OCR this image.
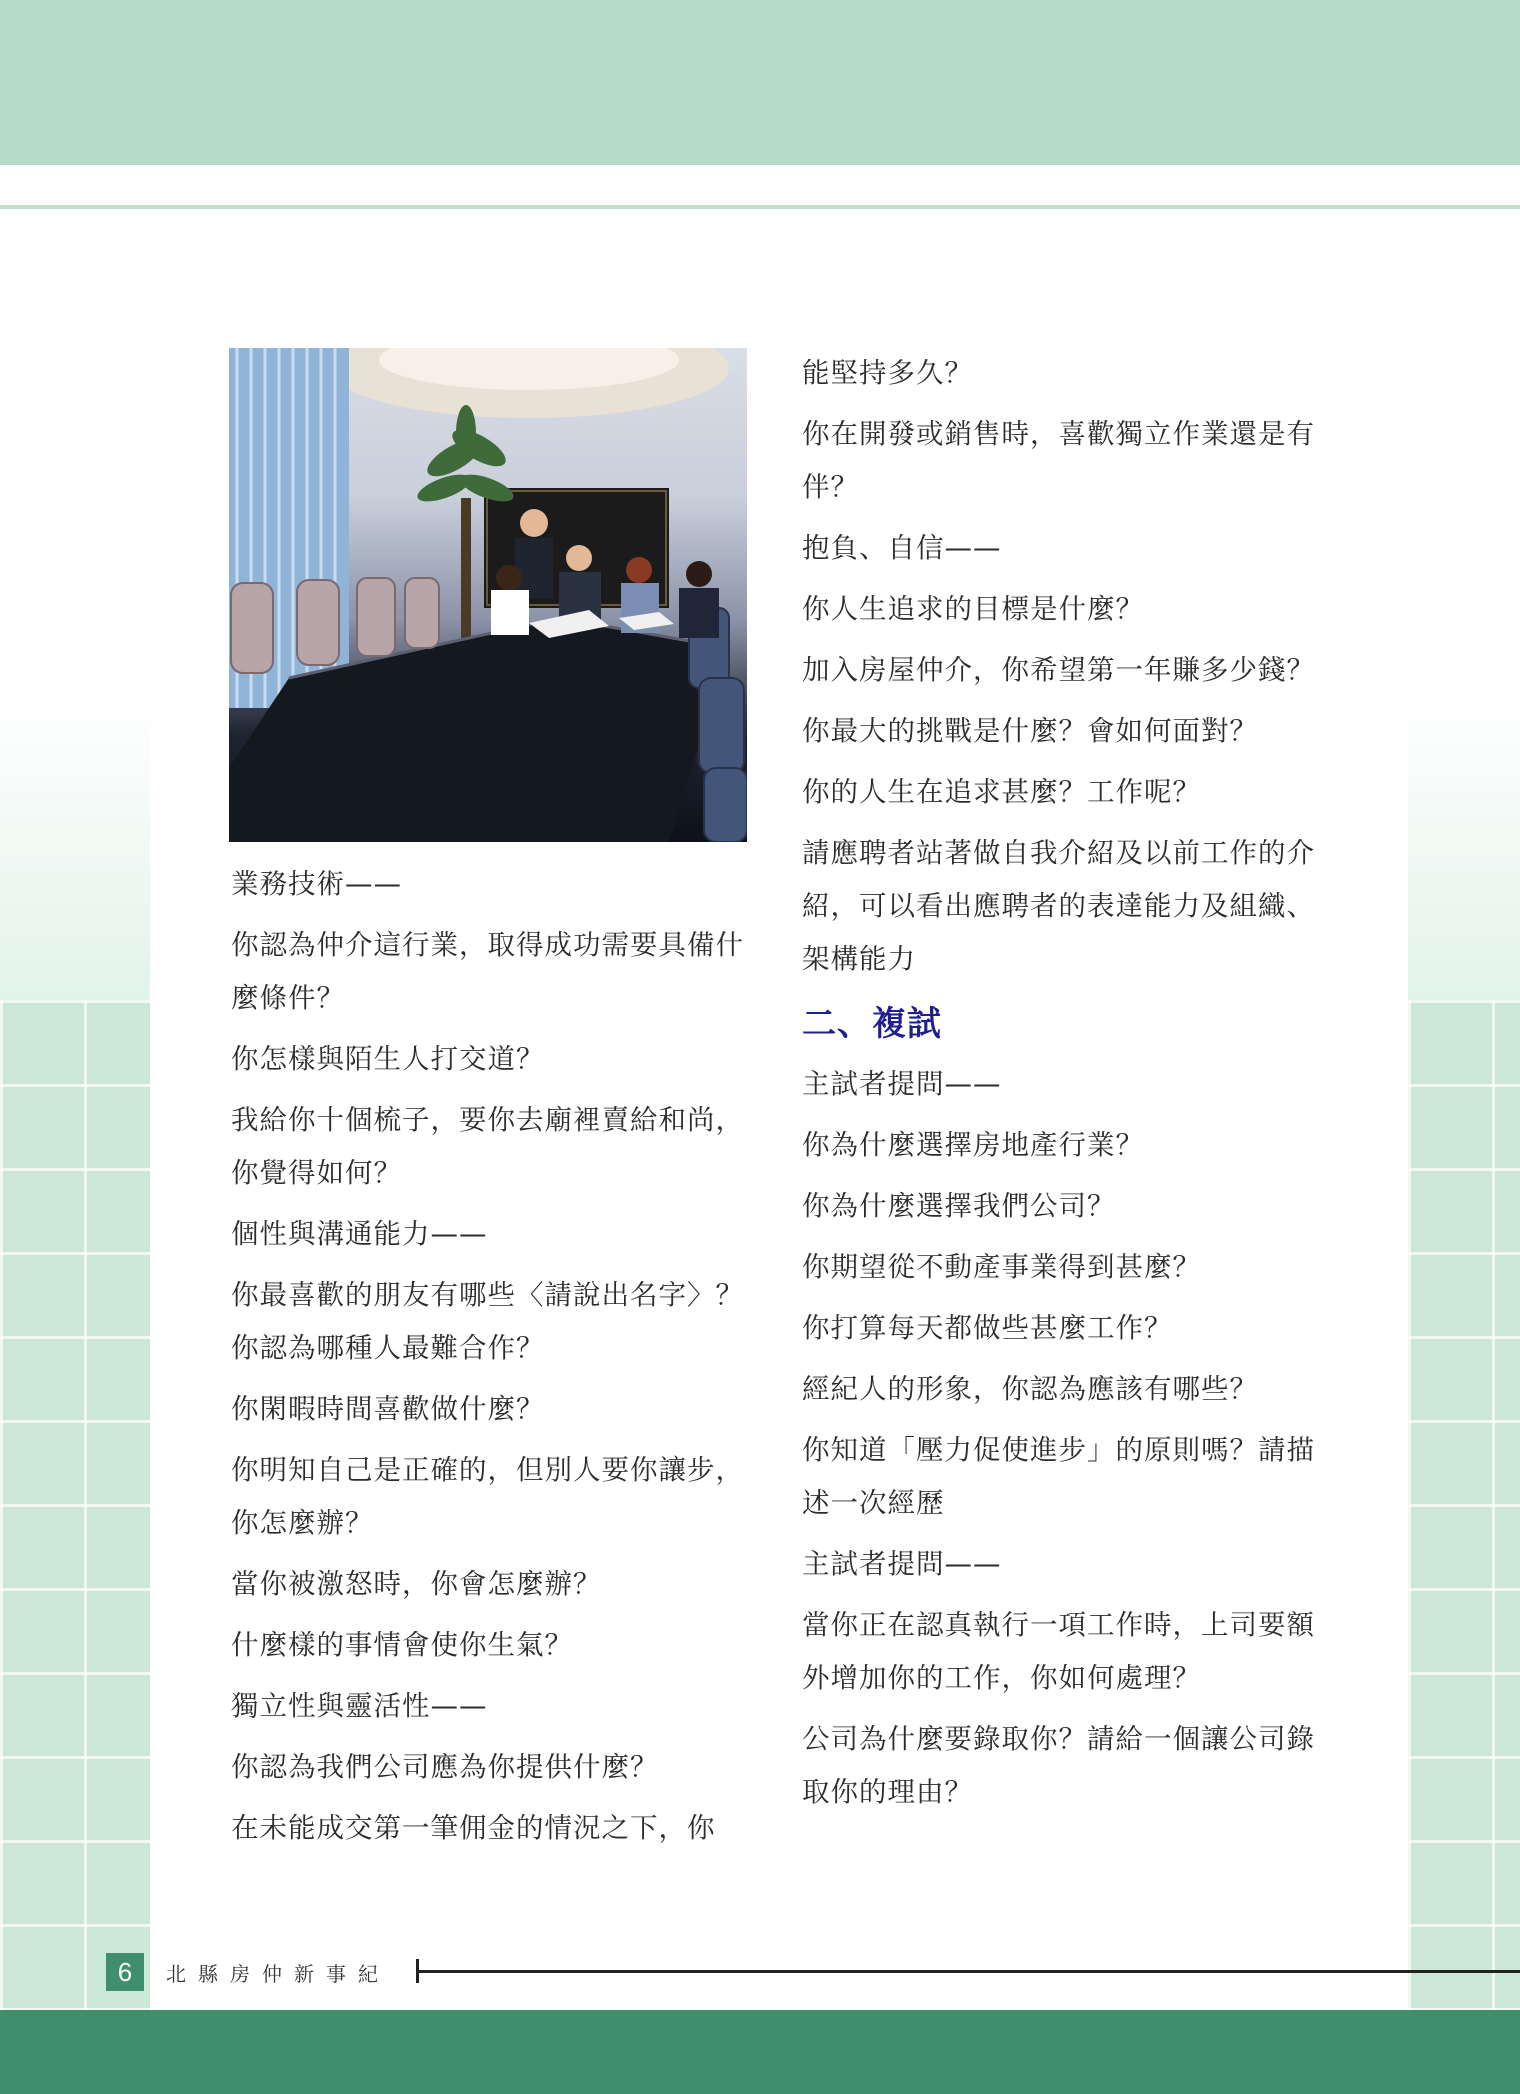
業務技術——

你認為仲介這行業，取得成功需要具備什麼條件？

你怎樣與陌生人打交道？

我給你十個梳子，要你去廟裡賣給和尚，你覺得如何？

個性與溝通能力——

你最喜歡的朋友有哪些〈請說出名字〉？你認為哪種人最難合作？

你閑暇時間喜歡做什麼？

你明知自己是正確的，但別人要你讓步，你怎麼辦？

當你被激怒時，你會怎麼辦？

什麼樣的事情會使你生氣？

獨立性與靈活性——

你認為我們公司應為你提供什麼？

在未能成交第一筆佣金的情況之下，你

能堅持多久？

你在開發或銷售時，喜歡獨立作業還是有伴？

抱負、自信——

你人生追求的目標是什麼？

加入房屋仲介，你希望第一年賺多少錢？

你最大的挑戰是什麼？會如何面對？

你的人生在追求甚麼？工作呢？

請應聘者站著做自我介紹及以前工作的介紹，可以看出應聘者的表達能力及組織、架構能力

二、複試

主試者提問——

你為什麼選擇房地產行業？

你為什麼選擇我們公司？

你期望從不動產事業得到甚麼？

你打算每天都做些甚麼工作？

經紀人的形象，你認為應該有哪些？

你知道「壓力促使進步」的原則嗎？請描述一次經歷

主試者提問——

當你正在認真執行一項工作時，上司要額外增加你的工作，你如何處理？

公司為什麼要錄取你？請給一個讓公司錄取你的理由？

6	北縣房仲新事紀
